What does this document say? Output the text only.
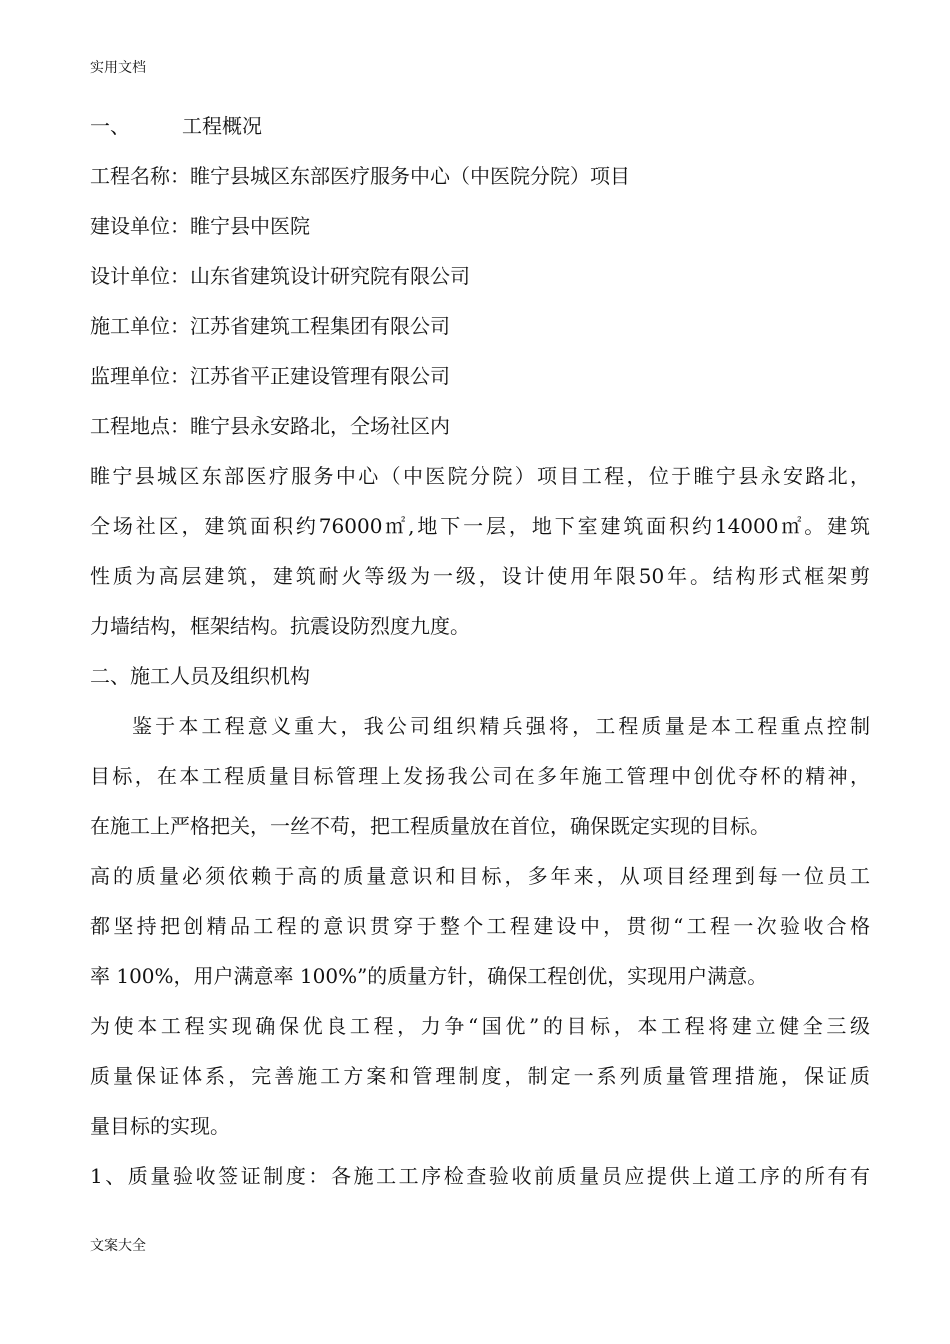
实用文档
一、	工程概况
工程名称：睢宁县城区东部医疗服务中心（中医院分院）项目
建设单位：睢宁县中医院
设计单位：山东省建筑设计研究院有限公司
施工单位：江苏省建筑工程集团有限公司
监理单位：江苏省平正建设管理有限公司
工程地点：睢宁县永安路北，仝场社区内
睢宁县城区东部医疗服务中心（中医院分院）项目工程，位于睢宁县永安路北，
仝场社区，建筑面积约76000㎡,地下一层，地下室建筑面积约14000㎡。建筑
性质为高层建筑，建筑耐火等级为一级，设计使用年限50年。结构形式框架剪
力墙结构，框架结构。抗震设防烈度九度。
二、施工人员及组织机构
鉴于本工程意义重大，我公司组织精兵强将，工程质量是本工程重点控制
目标，在本工程质量目标管理上发扬我公司在多年施工管理中创优夺杯的精神，
在施工上严格把关，一丝不苟，把工程质量放在首位，确保既定实现的目标。
高的质量必须依赖于高的质量意识和目标，多年来，从项目经理到每一位员工
都坚持把创精品工程的意识贯穿于整个工程建设中，贯彻“工程一次验收合格
率 100%，用户满意率 100%”的质量方针，确保工程创优，实现用户满意。
为使本工程实现确保优良工程，力争“国优”的目标，本工程将建立健全三级
质量保证体系，完善施工方案和管理制度，制定一系列质量管理措施，保证质
量目标的实现。
1、质量验收签证制度：各施工工序检查验收前质量员应提供上道工序的所有有
文案大全
